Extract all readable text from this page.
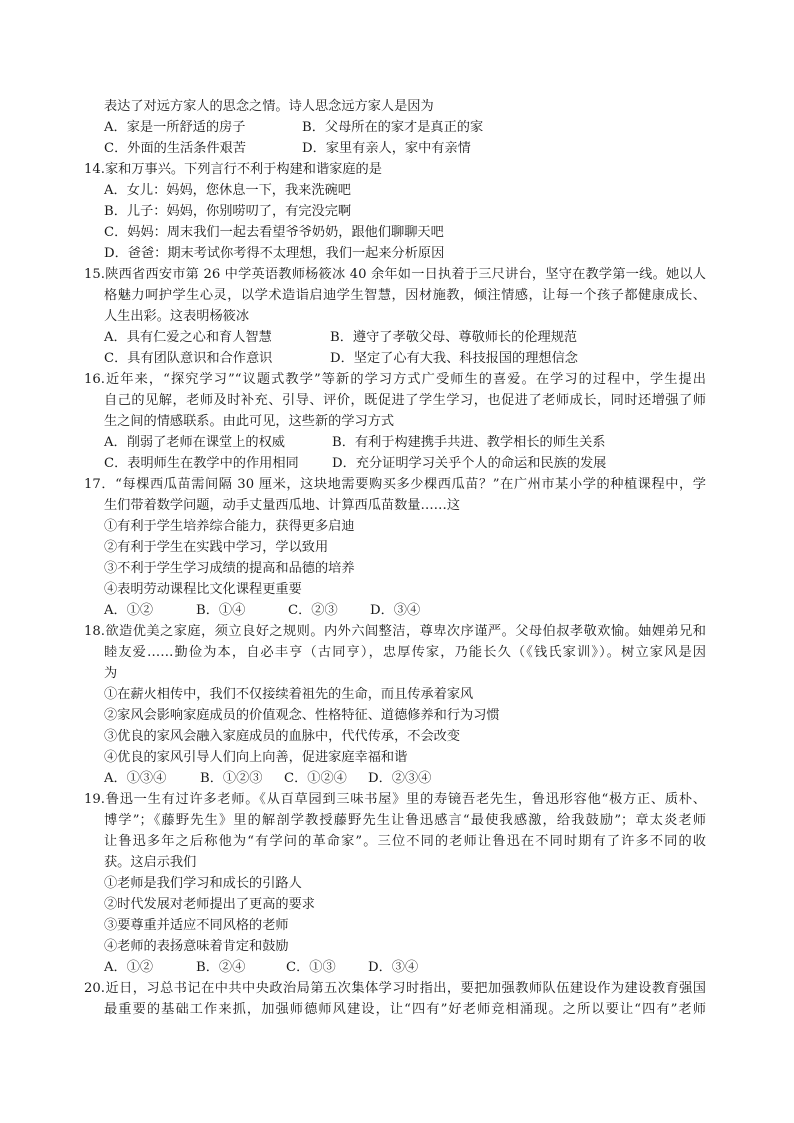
表达了对远方家人的思念之情。诗人思念远方家人是因为
A．家是一所舒适的房子	B．父母所在的家才是真正的家
C．外面的生活条件艰苦	D．家里有亲人，家中有亲情
14.家和万事兴。下列言行不利于构建和谐家庭的是
A．女儿：妈妈，您休息一下，我来洗碗吧
B．儿子：妈妈，你别唠叨了，有完没完啊
C．妈妈：周末我们一起去看望爷爷奶奶，跟他们聊聊天吧
D．爸爸：期末考试你考得不太理想，我们一起来分析原因
15.陕西省西安市第 26 中学英语教师杨筱冰 40 余年如一日执着于三尺讲台，坚守在教学第一线。她以人
格魅力呵护学生心灵，以学术造诣启迪学生智慧，因材施教，倾注情感，让每一个孩子都健康成长、
人生出彩。这表明杨筱冰
A．具有仁爱之心和育人智慧	B．遵守了孝敬父母、尊敬师长的伦理规范
C．具有团队意识和合作意识	D．坚定了心有大我、科技报国的理想信念
16.近年来，“探究学习”“议题式教学”等新的学习方式广受师生的喜爱。在学习的过程中，学生提出
自己的见解，老师及时补充、引导、评价，既促进了学生学习，也促进了老师成长，同时还增强了师
生之间的情感联系。由此可见，这些新的学习方式
A．削弱了老师在课堂上的权威	B．有利于构建携手共进、教学相长的师生关系
C．表明师生在教学中的作用相同	D．充分证明学习关乎个人的命运和民族的发展
17．“每棵西瓜苗需间隔 30 厘米，这块地需要购买多少棵西瓜苗？”在广州市某小学的种植课程中，学
生们带着数学问题，动手丈量西瓜地、计算西瓜苗数量……这
①有利于学生培养综合能力，获得更多启迪
②有利于学生在实践中学习，学以致用
③不利于学生学习成绩的提高和品德的培养
④表明劳动课程比文化课程更重要
A．①②	B．①④	C．②③ D．③④
18.欲造优美之家庭，须立良好之规则。内外六闾整洁，尊卑次序谨严。父母伯叔孝敬欢愉。妯娌弟兄和
睦友爱……勤俭为本，自必丰亨（古同亨），忠厚传家，乃能长久（《钱氏家训》）。树立家风是因
为
①在薪火相传中，我们不仅接续着祖先的生命，而且传承着家风
②家风会影响家庭成员的价值观念、性格特征、道德修养和行为习惯
③优良的家风会融入家庭成员的血脉中，代代传承，不会改变
④优良的家风引导人们向上向善，促进家庭幸福和谐
A．①③④	B．①②③ C．①②④ D．②③④
19.鲁迅一生有过许多老师。《从百草园到三味书屋》里的寿镜吾老先生，鲁迅形容他“极方正、质朴、
博学”；《藤野先生》里的解剖学教授藤野先生让鲁迅感言“最使我感激，给我鼓励”；章太炎老师
让鲁迅多年之后称他为“有学问的革命家”。三位不同的老师让鲁迅在不同时期有了许多不同的收
获。这启示我们
①老师是我们学习和成长的引路人
②时代发展对老师提出了更高的要求
③要尊重并适应不同风格的老师
④老师的表扬意味着肯定和鼓励
A．①②	B．②④	C．①③ D．③④
20.近日，习总书记在中共中央政治局第五次集体学习时指出，要把加强教师队伍建设作为建设教育强国
最重要的基础工作来抓，加强师德师风建设，让“四有”好老师竞相涌现。之所以要让“四有”老师
